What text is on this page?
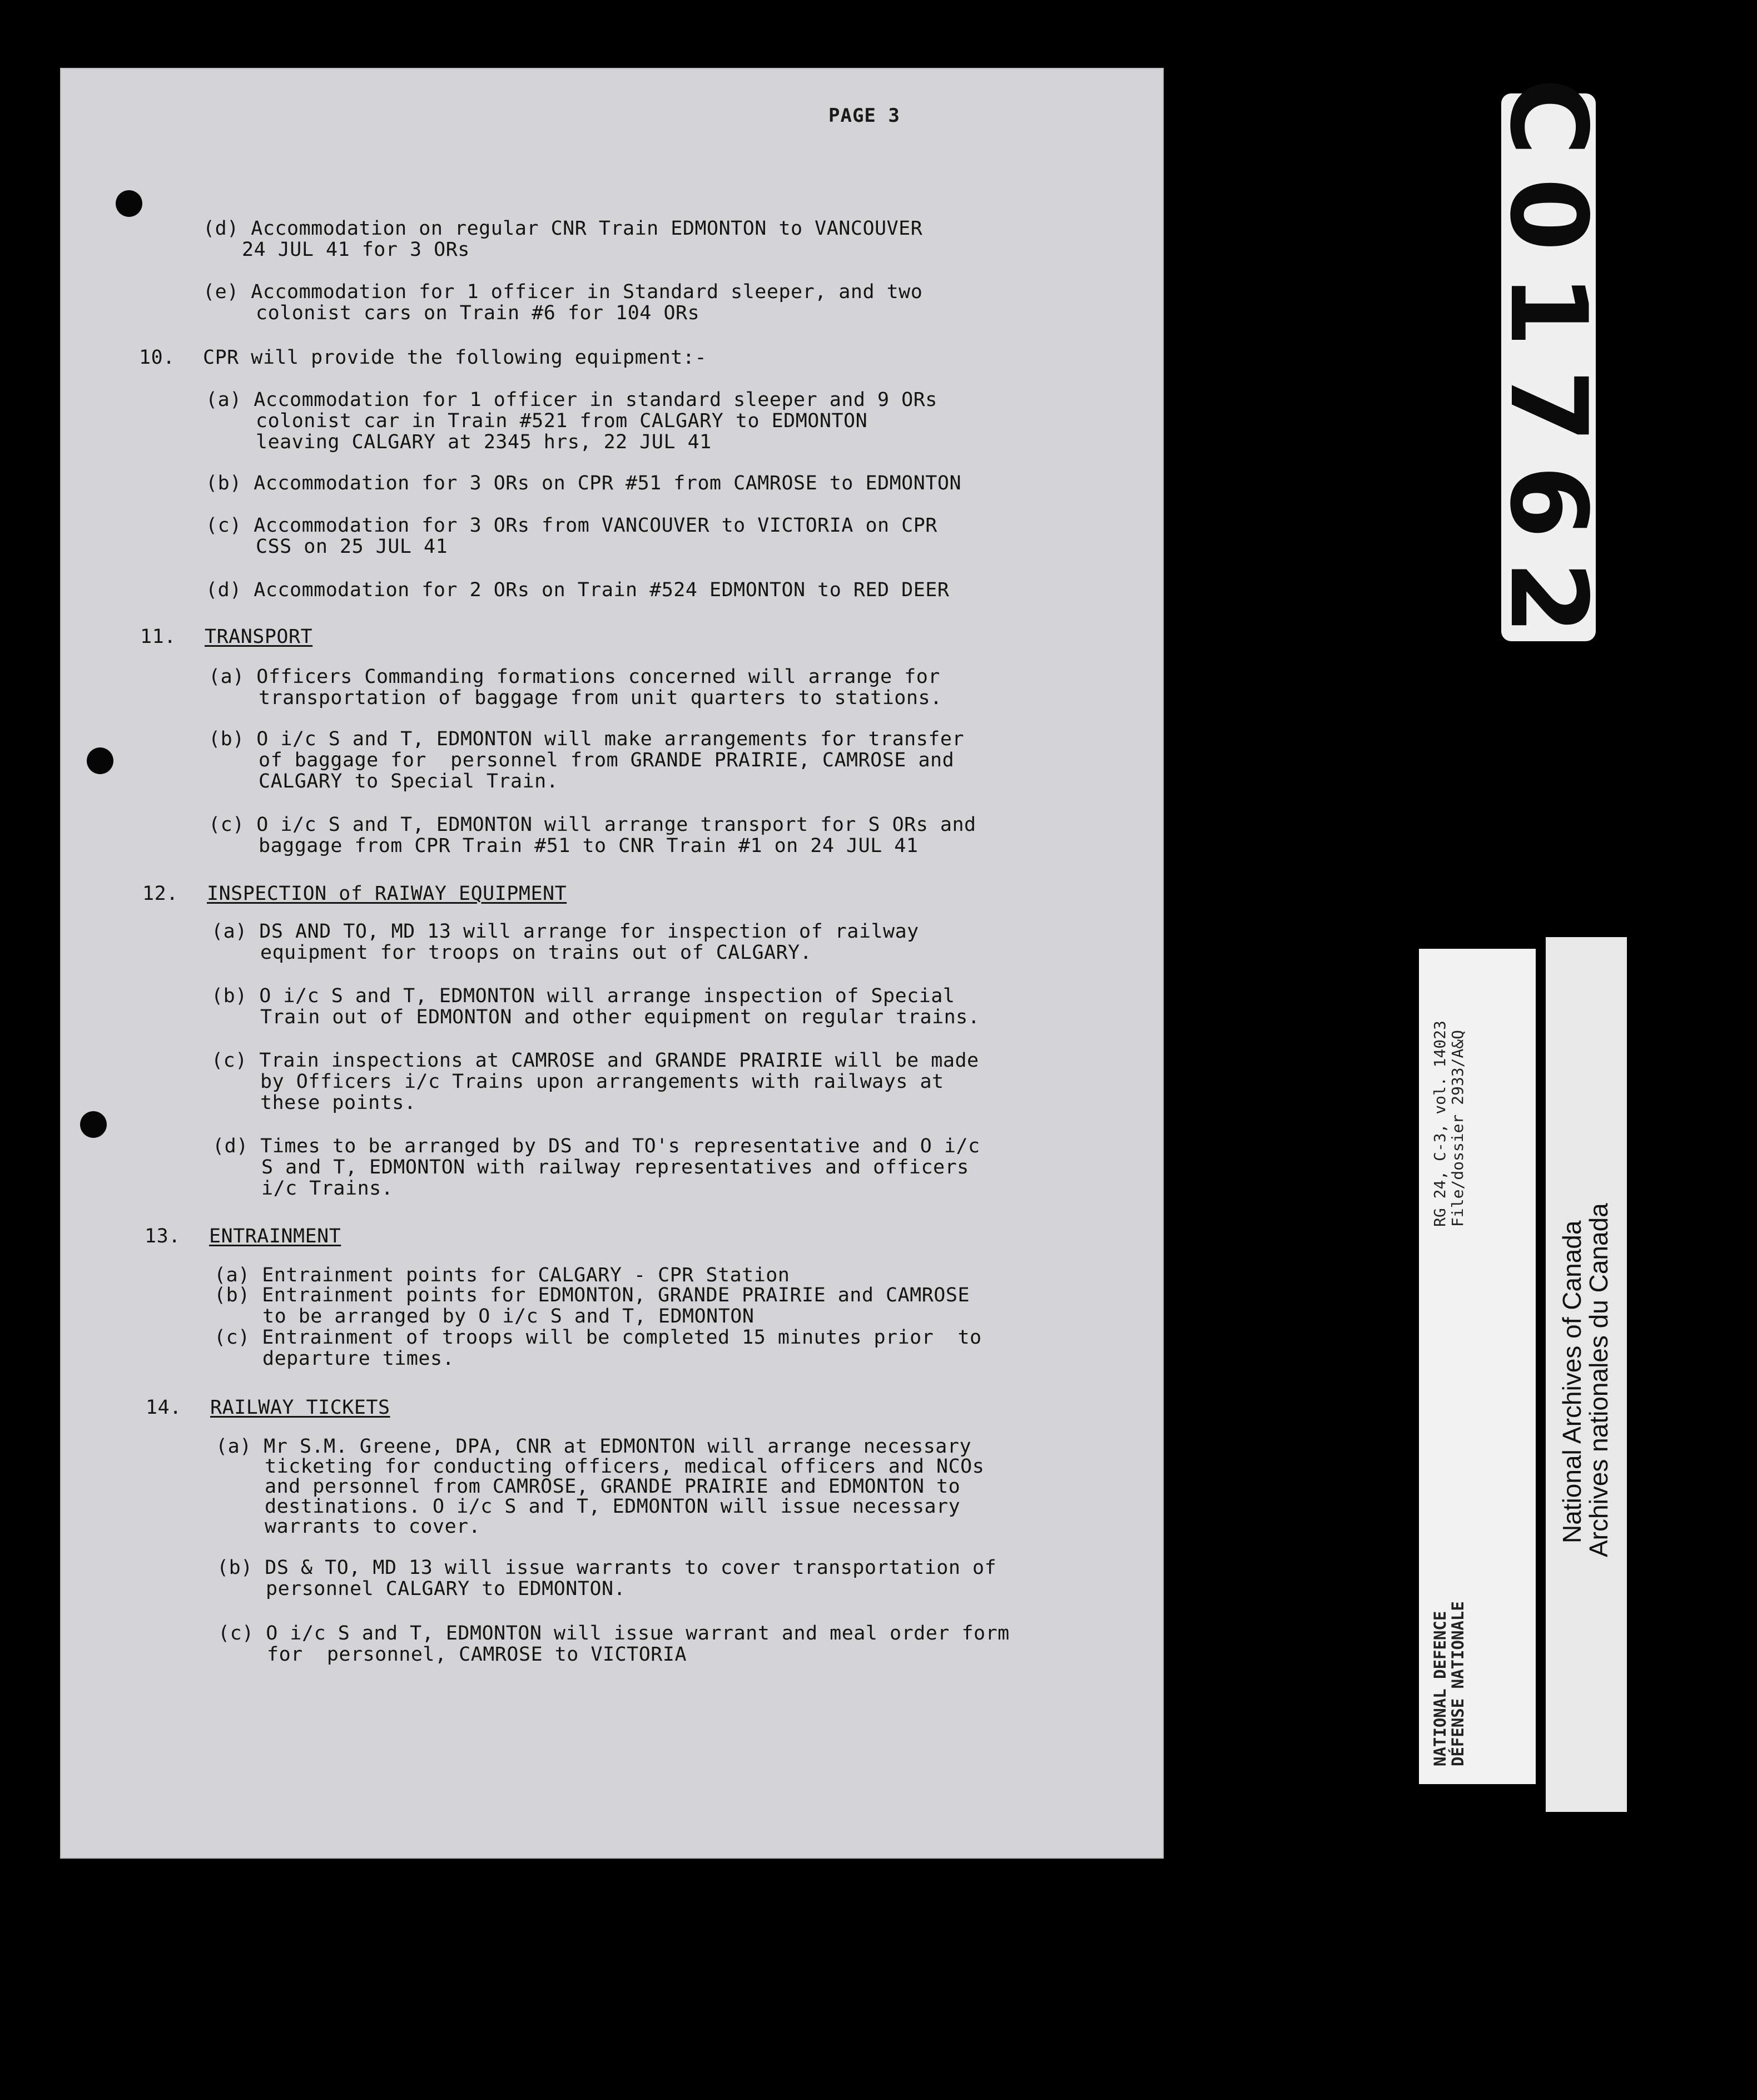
PAGE 3
(d) Accommodation on regular CNR Train EDMONTON to VANCOUVER
24 JUL 41 for 3 ORs
(e) Accommodation for 1 officer in Standard sleeper, and two
colonist cars on Train #6 for 104 ORs
10. CPR will provide the following equipment:-
(a) Accommodation for 1 officer in standard sleeper and 9 ORs
colonist car in Train #521 from CALGARY to EDMONTON
leaving CALGARY at 2345 hrs, 22 JUL 41
(b) Accommodation for 3 ORs on CPR #51 from CAMROSE to EDMONTON
(c) Accommodation for 3 ORs from VANCOUVER to VICTORIA on CPR
CSS on 25 JUL 41
(d) Accommodation for 2 ORs on Train #524 EDMONTON to RED DEER
11. TRANSPORT
(a) Officers Commanding formations concerned will arrange for
transportation of baggage from unit quarters to stations.
(b) O i/c S and T, EDMONTON will make arrangements for transfer
of baggage for  personnel from GRANDE PRAIRIE, CAMROSE and
CALGARY to Special Train.
(c) O i/c S and T, EDMONTON will arrange transport for S ORs and
baggage from CPR Train #51 to CNR Train #1 on 24 JUL 41
12. INSPECTION of RAIWAY EQUIPMENT
(a) DS AND TO, MD 13 will arrange for inspection of railway
equipment for troops on trains out of CALGARY.
(b) O i/c S and T, EDMONTON will arrange inspection of Special
Train out of EDMONTON and other equipment on regular trains.
(c) Train inspections at CAMROSE and GRANDE PRAIRIE will be made
by Officers i/c Trains upon arrangements with railways at
these points.
(d) Times to be arranged by DS and TO's representative and O i/c
S and T, EDMONTON with railway representatives and officers
i/c Trains.
13. ENTRAINMENT
(a) Entrainment points for CALGARY - CPR Station
(b) Entrainment points for EDMONTON, GRANDE PRAIRIE and CAMROSE
to be arranged by O i/c S and T, EDMONTON
(c) Entrainment of troops will be completed 15 minutes prior  to
departure times.
14. RAILWAY TICKETS
(a) Mr S.M. Greene, DPA, CNR at EDMONTON will arrange necessary
ticketing for conducting officers, medical officers and NCOs
and personnel from CAMROSE, GRANDE PRAIRIE and EDMONTON to
destinations. O i/c S and T, EDMONTON will issue necessary
warrants to cover.
(b) DS & TO, MD 13 will issue warrants to cover transportation of
personnel CALGARY to EDMONTON.
(c) O i/c S and T, EDMONTON will issue warrant and meal order form
for  personnel, CAMROSE to VICTORIA
C01762
RG 24, C-3, vol. 14023 File/dossier 2933/A&Q
NATIONAL DEFENCE
DÉFENSE NATIONALE
National Archives of Canada
Archives nationales du Canada
